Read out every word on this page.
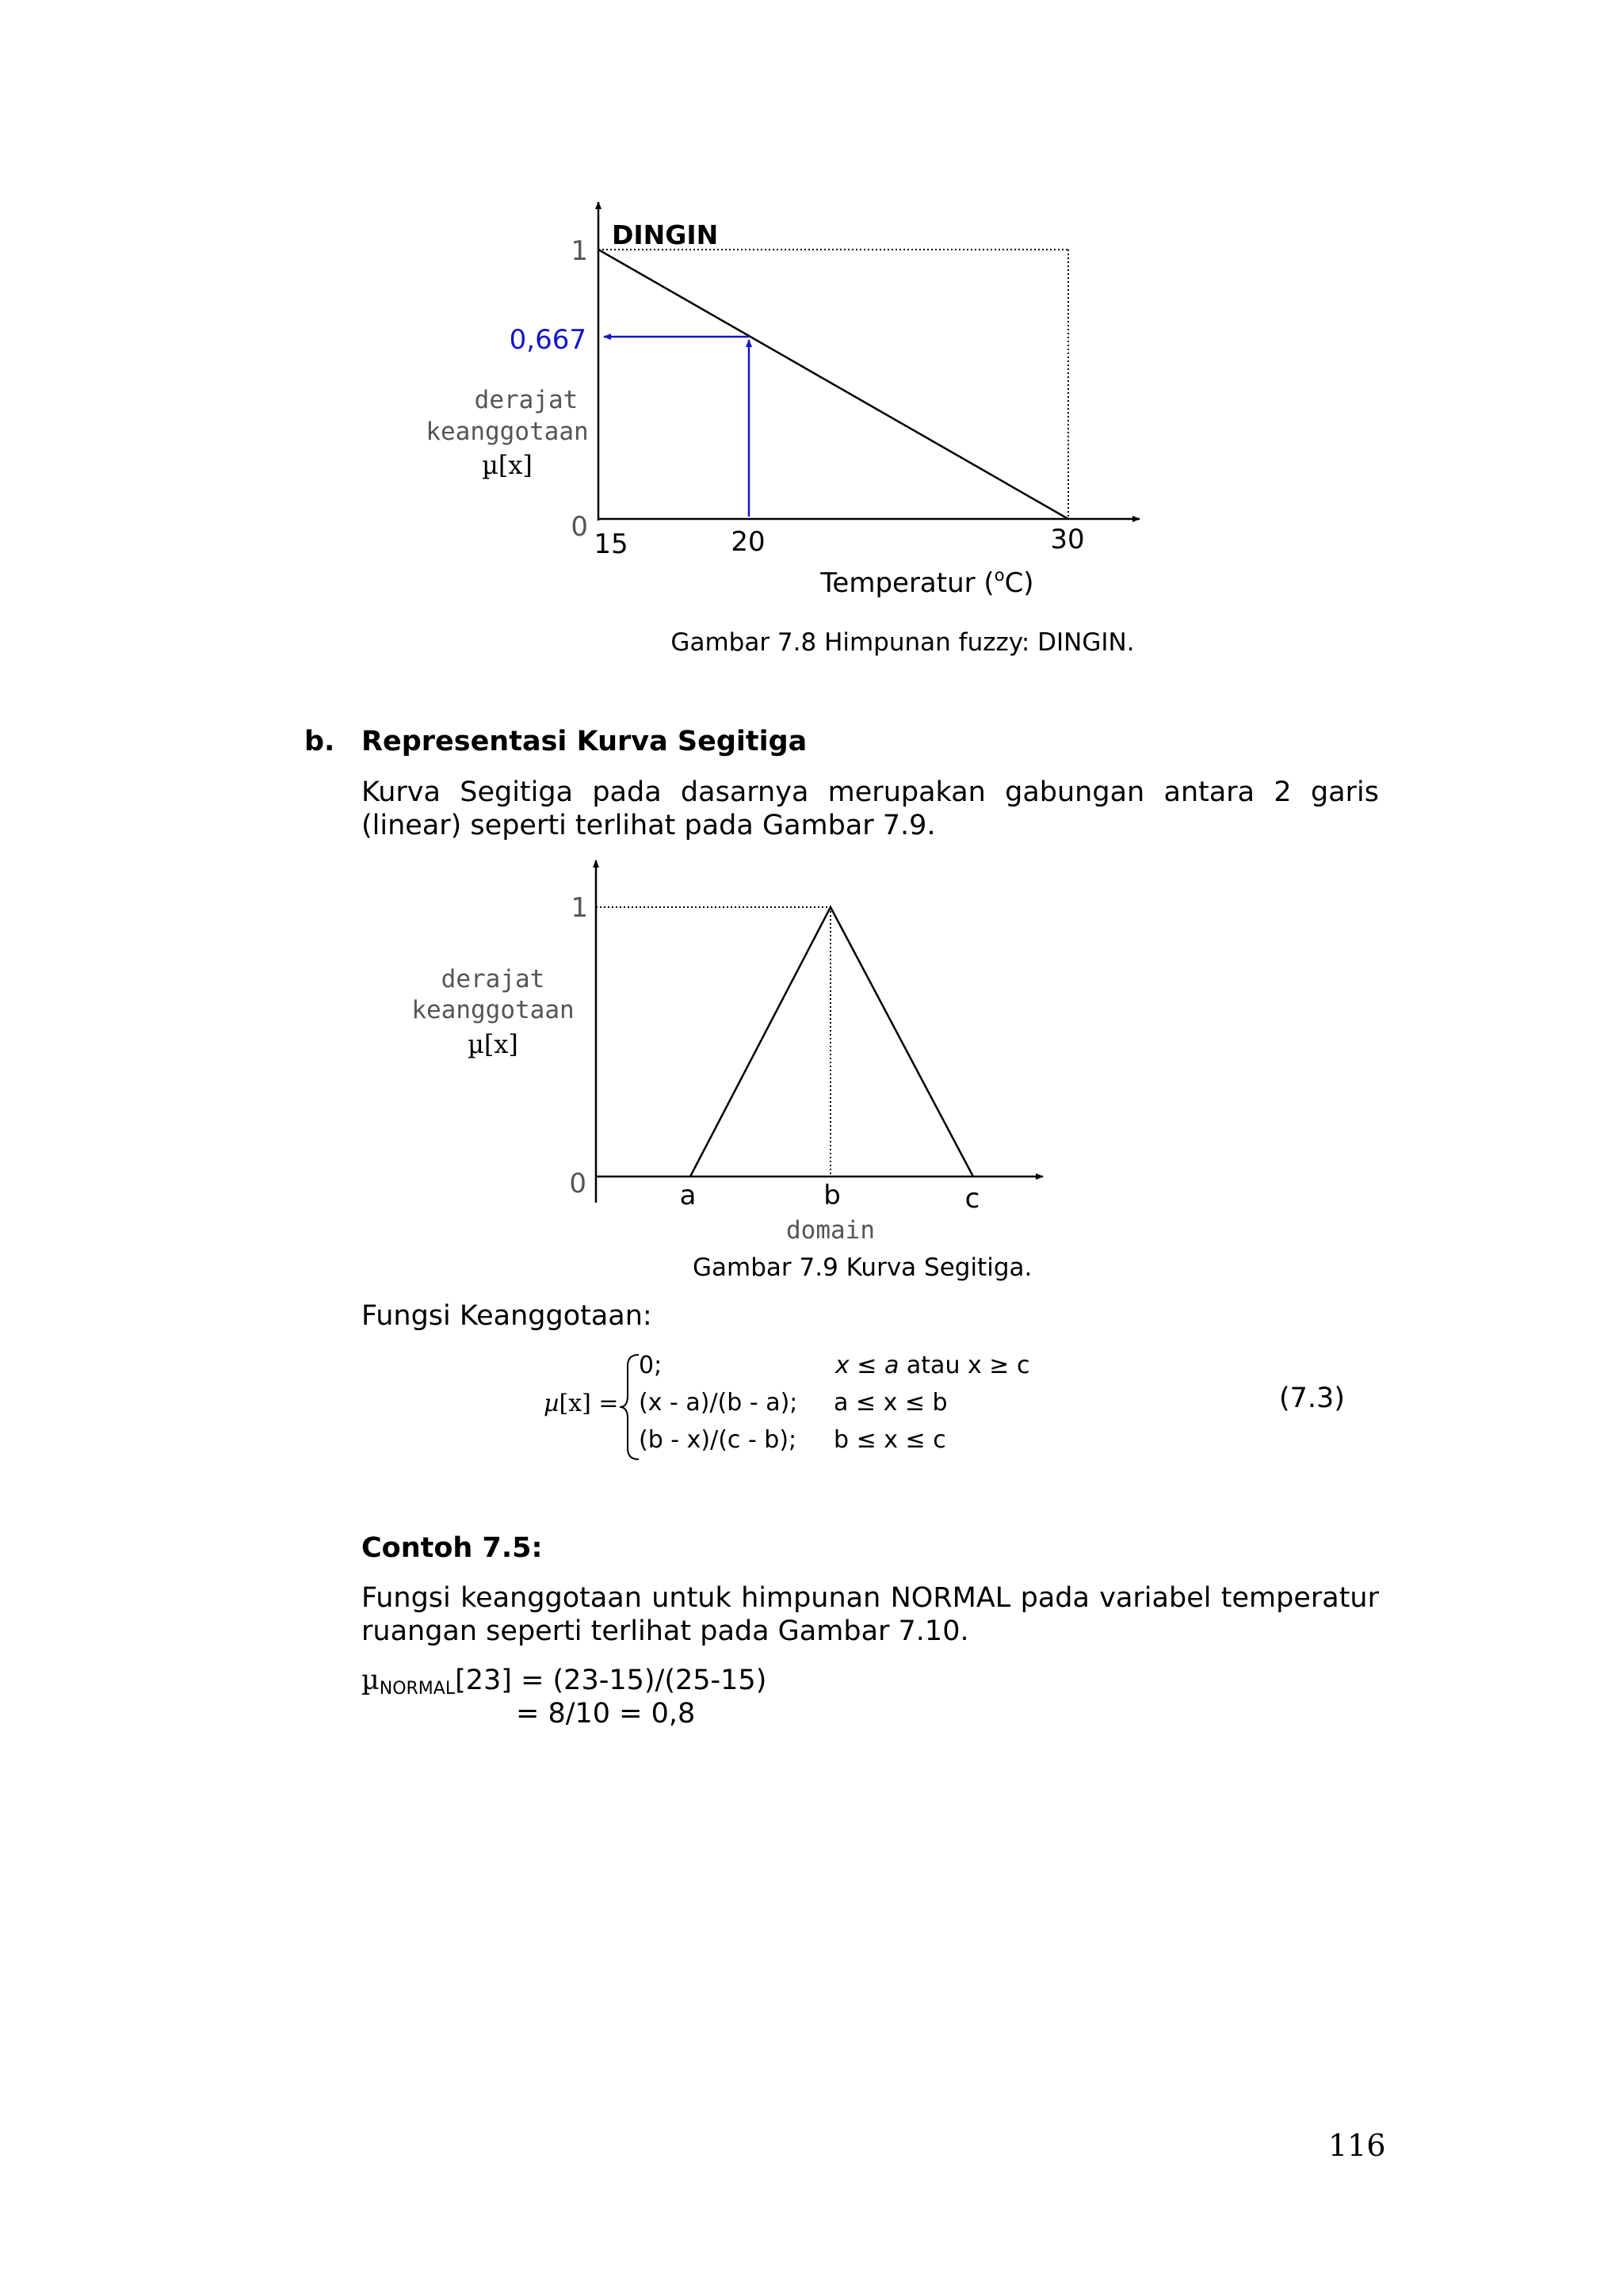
DINGIN
1
0,667
derajat
keanggotaan
µ[x]
0
15	20	30
Temperatur ($^o$C)
Gambar 7.8 Himpunan fuzzy: DINGIN.
b. Representasi Kurva Segitiga
Kurva Segitiga pada dasarnya merupakan gabungan antara 2 garis
(linear) seperti terlihat pada Gambar 7.9.
1
derajat
keanggotaan
µ[x]
0	a	b	c
domain
Gambar 7.9 Kurva Segitiga.
Fungsi Keanggotaan:
µ[x] =
0;	x ≤ a atau x ≥ c
(x - a)/(b - a); a ≤ x ≤ b
(b - x)/(c - b); b ≤ x ≤ c
(7.3)
Contoh 7.5:
Fungsi keanggotaan untuk himpunan NORMAL pada variabel temperatur
ruangan seperti terlihat pada Gambar 7.10.
µNORMAL[23] = (23-15)/(25-15)
= 8/10 = 0,8
116
